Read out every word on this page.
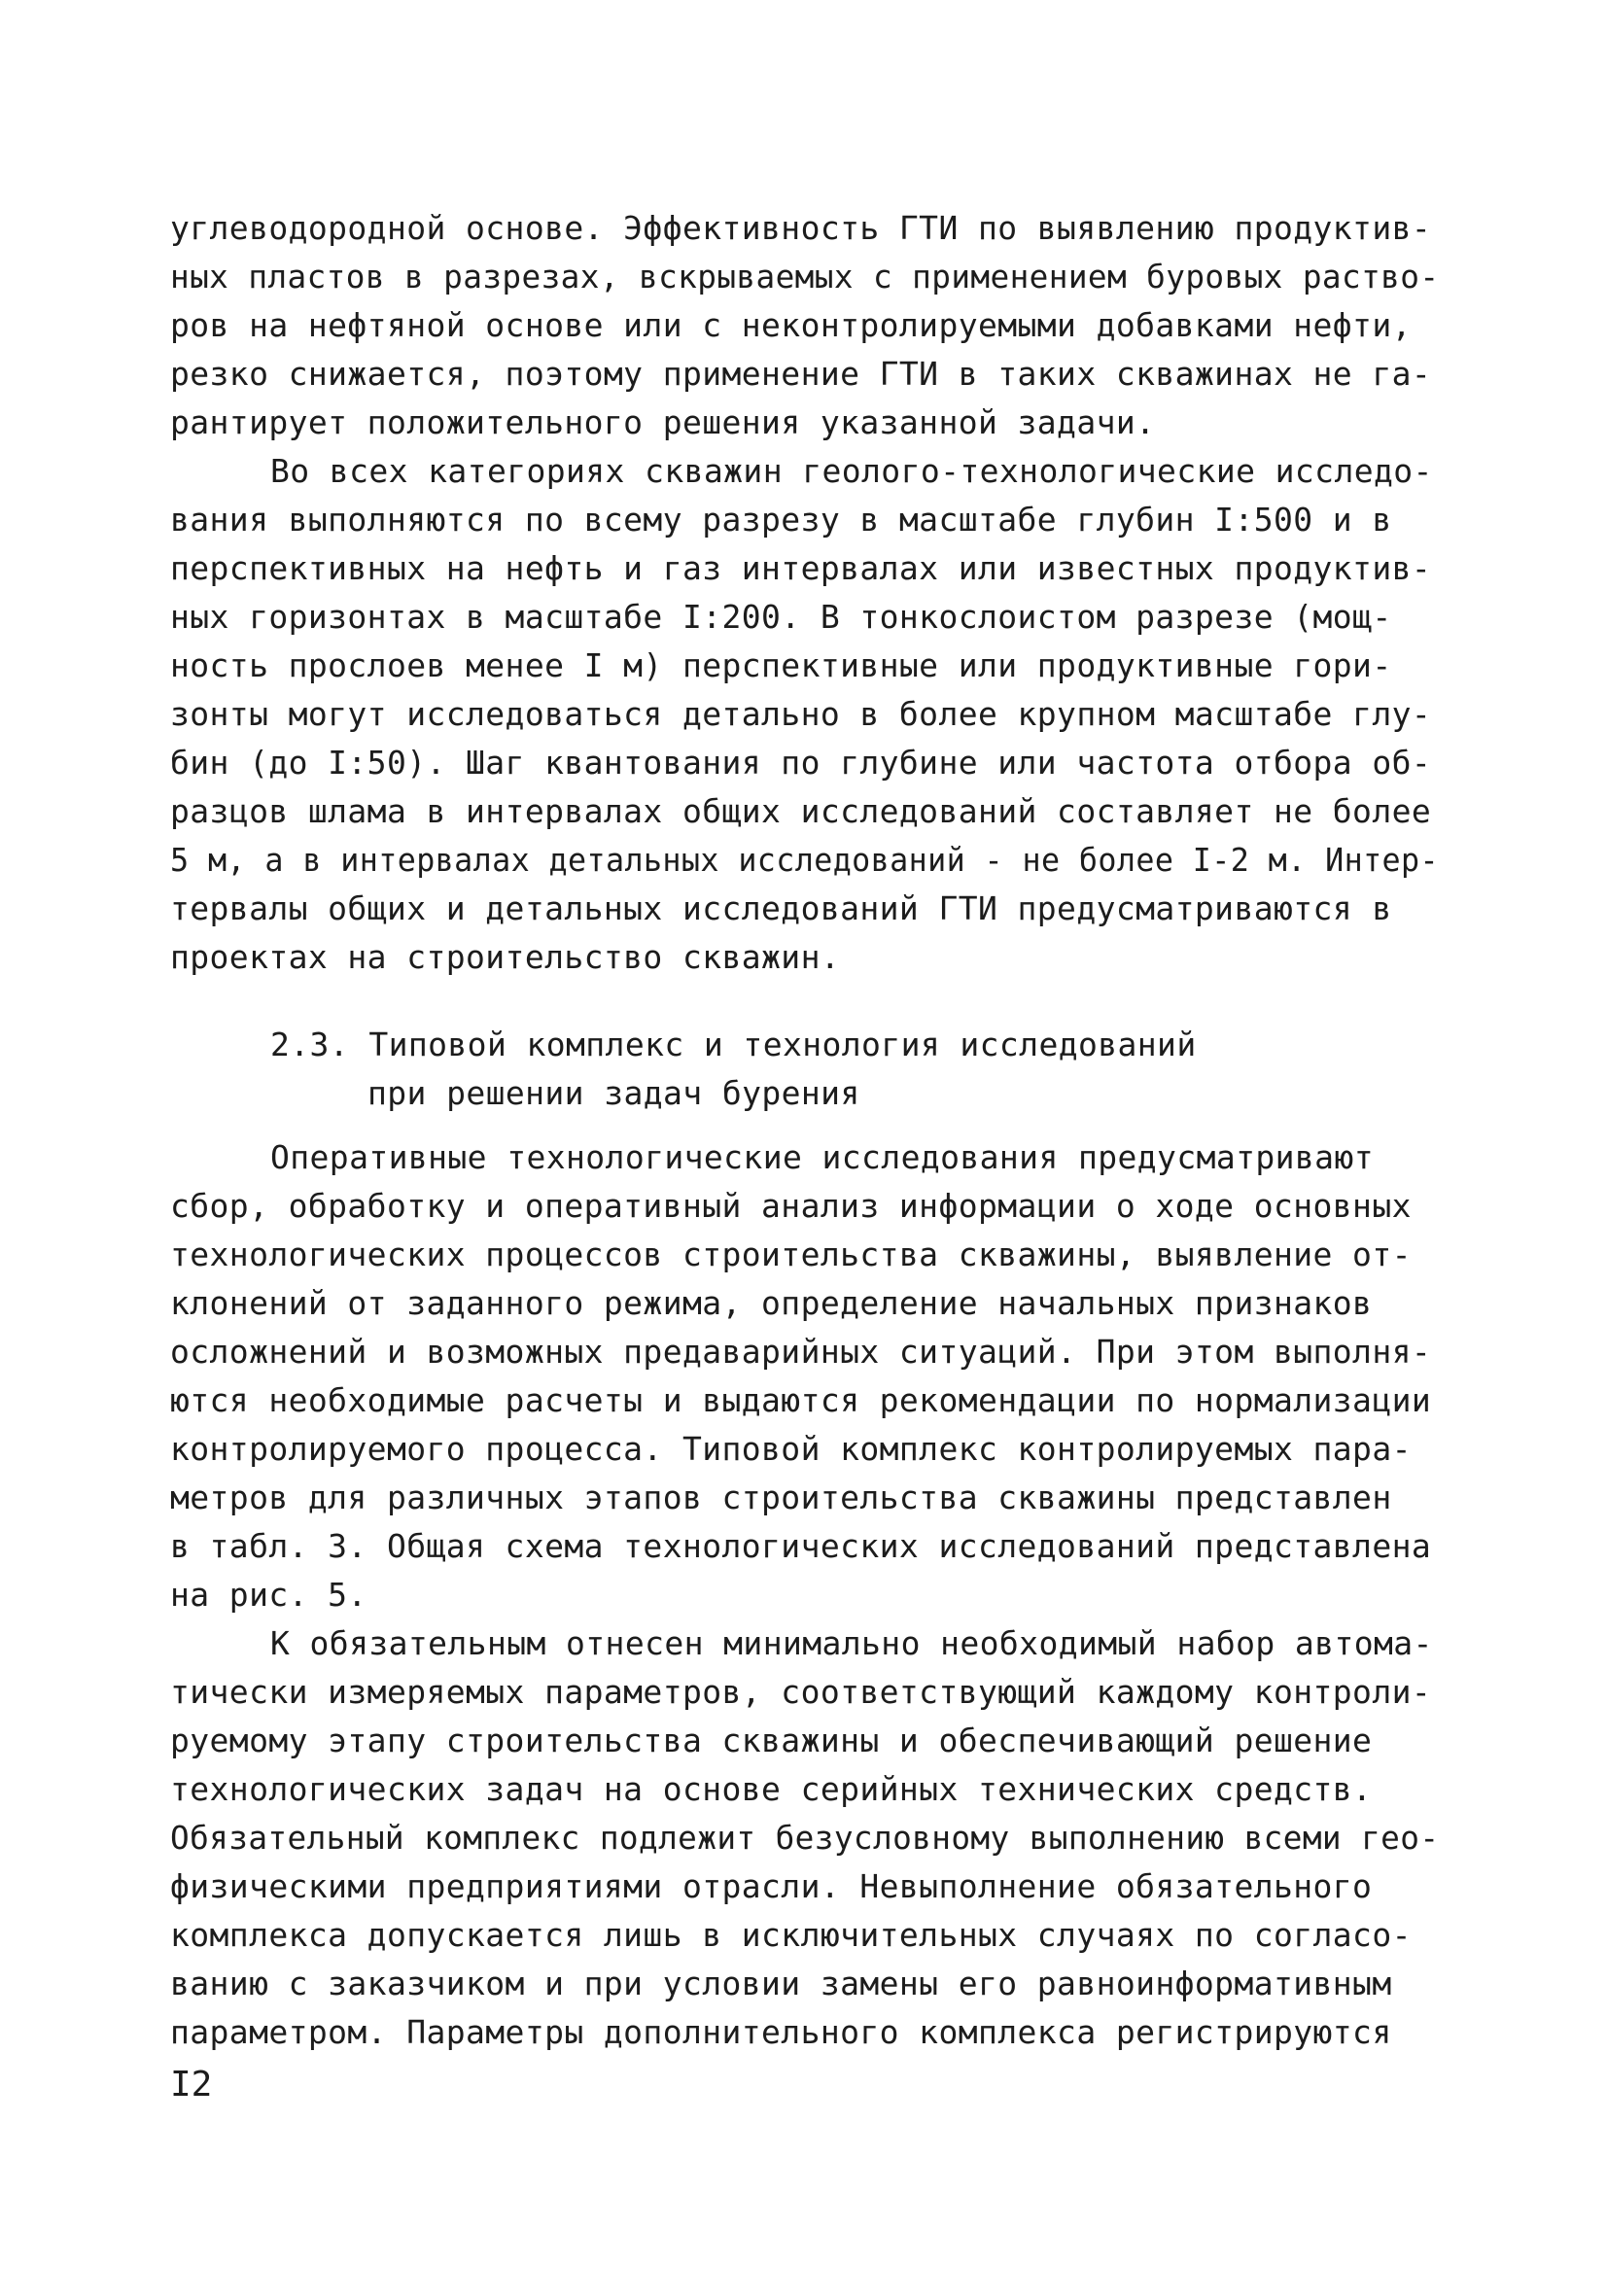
углеводородной основе. Эффективность ГТИ по выявлению продуктив-
ных пластов в разрезах, вскрываемых с применением буровых раство-
ров на нефтяной основе или с неконтролируемыми добавками нефти,
резко снижается, поэтому применение ГТИ в таких скважинах не га-
рантирует положительного решения указанной задачи.
Во всех категориях скважин геолого-технологические исследо-
вания выполняются по всему разрезу в масштабе глубин I:500 и в
перспективных на нефть и газ интервалах или известных продуктив-
ных горизонтах в масштабе I:200. В тонкослоистом разрезе (мощ-
ность прослоев менее I м) перспективные или продуктивные гори-
зонты могут исследоваться детально в более крупном масштабе глу-
бин (до I:50). Шаг квантования по глубине или частота отбора об-
разцов шлама в интервалах общих исследований составляет не более
5 м, а в интервалах детальных исследований - не более I-2 м. Интер-
тервалы общих и детальных исследований ГТИ предусматриваются в
проектах на строительство скважин.
2.3. Типовой комплекс и технология исследований
при решении задач бурения
Оперативные технологические исследования предусматривают
сбор, обработку и оперативный анализ информации о ходе основных
технологических процессов строительства скважины, выявление от-
клонений от заданного режима, определение начальных признаков
осложнений и возможных предаварийных ситуаций. При этом выполня-
ются необходимые расчеты и выдаются рекомендации по нормализации
контролируемого процесса. Типовой комплекс контролируемых пара-
метров для различных этапов строительства скважины представлен
в табл. 3. Общая схема технологических исследований представлена
на рис. 5.
К обязательным отнесен минимально необходимый набор автома-
тически измеряемых параметров, соответствующий каждому контроли-
руемому этапу строительства скважины и обеспечивающий решение
технологических задач на основе серийных технических средств.
Обязательный комплекс подлежит безусловному выполнению всеми гео-
физическими предприятиями отрасли. Невыполнение обязательного
комплекса допускается лишь в исключительных случаях по согласо-
ванию с заказчиком и при условии замены его равноинформативным
параметром. Параметры дополнительного комплекса регистрируются
I2
